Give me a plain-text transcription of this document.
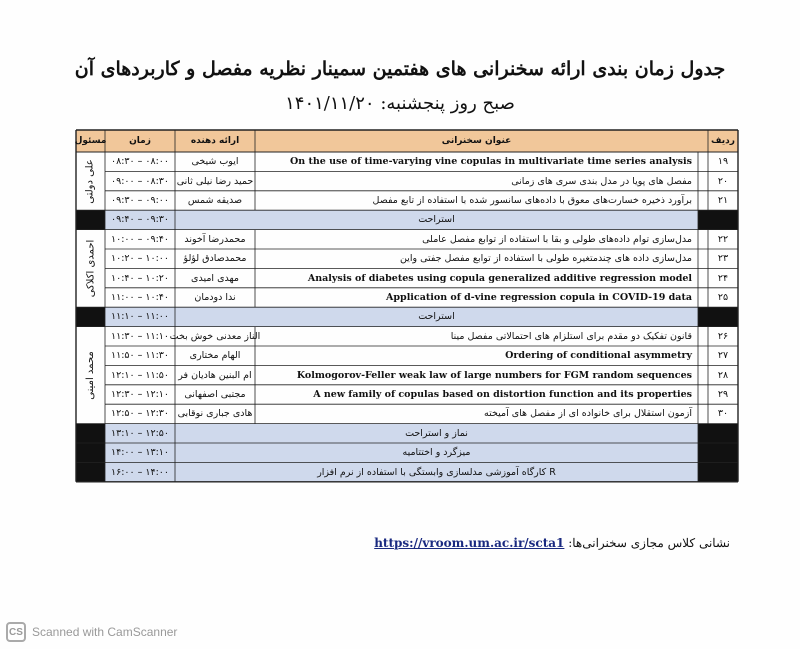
جدول زمان بندی ارائه سخنرانی های هفتمین سمینار نظریه مفصل و کاربردهای آن
صبح روز پنجشنبه: ۱۴۰۱/۱۱/۲۰
ردیف
عنوان سخنرانی
ارائه دهنده
زمان
مسئول
۱۹
On the use of time-varying vine copulas in multivariate time series analysis
ایوب شیخی
۰۸:۳۰ – ۰۸:۰۰
۲۰
مفصل های پویا در مدل بندی سری های زمانی
حمید رضا نیلی ثانی
۰۹:۰۰ – ۰۸:۳۰
۲۱
برآورد ذخیره خسارت‌های معوق با داده‌های سانسور شده با استفاده از تابع مفصل
صدیقه شمس
۰۹:۳۰ – ۰۹:۰۰
استراحت
۰۹:۴۰ – ۰۹:۳۰
۲۲
مدل‌سازی توام داده‌های طولی و بقا با استفاده از توابع مفصل عاملی
محمدرضا آخوند
۱۰:۰۰ – ۰۹:۴۰
۲۳
مدل‌سازی داده های چندمتغیره طولی با استفاده از توابع مفصل جفتی واین
محمدصادق لؤلؤ
۱۰:۲۰ – ۱۰:۰۰
۲۴
Analysis of diabetes using copula generalized additive regression model
مهدی امیدی
۱۰:۴۰ – ۱۰:۲۰
۲۵
Application of d-vine regression copula in COVID-19 data
ندا دودمان
۱۱:۰۰ – ۱۰:۴۰
استراحت
۱۱:۱۰ – ۱۱:۰۰
۲۶
قانون تفکیک دو مقدم برای استلزام های احتمالاتی مفصل مینا
الناز معدنی خوش بخت
۱۱:۳۰ – ۱۱:۱۰
۲۷
Ordering of conditional asymmetry
الهام مختاری
۱۱:۵۰ – ۱۱:۳۰
۲۸
Kolmogorov-Feller weak law of large numbers for FGM random sequences
ام البنین هادیان فر
۱۲:۱۰ – ۱۱:۵۰
۲۹
A new family of copulas based on distortion function and its properties
مجتبی اصفهانی
۱۲:۳۰ – ۱۲:۱۰
۳۰
آزمون استقلال برای خانواده ای از مفصل های آمیخته
هادی جباری نوقابی
۱۲:۵۰ – ۱۲:۳۰
نماز و استراحت
۱۳:۱۰ – ۱۲:۵۰
میزگرد و اختتامیه
۱۴:۰۰ – ۱۳:۱۰
کارگاه آموزشی مدلسازی وابستگی با استفاده از نرم افزار R
۱۶:۰۰ – ۱۴:۰۰
علی دولتی
احمدی اکلاکی
محمد امینی
نشانی کلاس مجازی سخنرانی‌ها: https://vroom.um.ac.ir/scta1
CS Scanned with CamScanner
